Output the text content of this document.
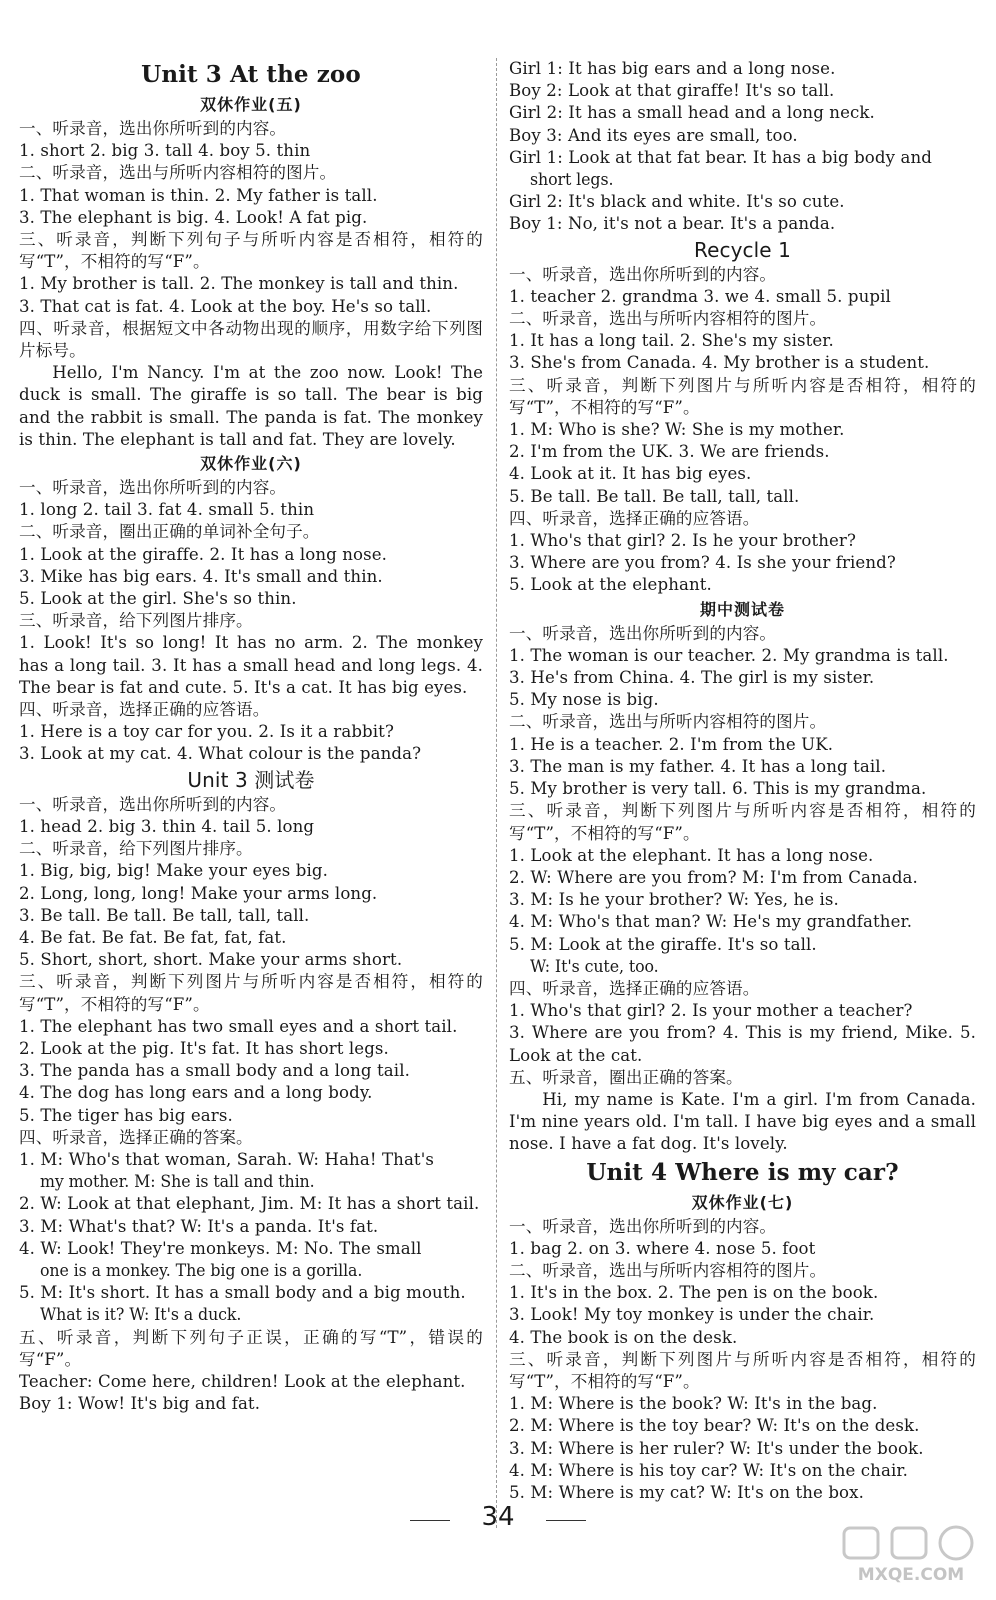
Unit 3 At the zoo
双休作业(五)
一、听录音，选出你所听到的内容。
1. short 2. big 3. tall 4. boy 5. thin
二、听录音，选出与所听内容相符的图片。
1. That woman is thin. 2. My father is tall.
3. The elephant is big. 4. Look! A fat pig.
三、听录音，判断下列句子与所听内容是否相符，相符的写“T”，不相符的写“F”。
1. My brother is tall. 2. The monkey is tall and thin.
3. That cat is fat. 4. Look at the boy. He's so tall.
四、听录音，根据短文中各动物出现的顺序，用数字给下列图片标号。
Hello, I'm Nancy. I'm at the zoo now. Look! The duck is small. The giraffe is so tall. The bear is big and the rabbit is small. The panda is fat. The monkey is thin. The elephant is tall and fat. They are lovely.
双休作业(六)
一、听录音，选出你所听到的内容。
1. long 2. tail 3. fat 4. small 5. thin
二、听录音，圈出正确的单词补全句子。
1. Look at the giraffe. 2. It has a long nose.
3. Mike has big ears. 4. It's small and thin.
5. Look at the girl. She's so thin.
三、听录音，给下列图片排序。
1. Look! It's so long! It has no arm. 2. The monkey has a long tail. 3. It has a small head and long legs. 4. The bear is fat and cute. 5. It's a cat. It has big eyes.
四、听录音，选择正确的应答语。
1. Here is a toy car for you. 2. Is it a rabbit?
3. Look at my cat. 4. What colour is the panda?
Unit 3 测试卷
一、听录音，选出你所听到的内容。
1. head 2. big 3. thin 4. tail 5. long
二、听录音，给下列图片排序。
1. Big, big, big! Make your eyes big.
2. Long, long, long! Make your arms long.
3. Be tall. Be tall. Be tall, tall, tall.
4. Be fat. Be fat. Be fat, fat, fat.
5. Short, short, short. Make your arms short.
三、听录音，判断下列图片与所听内容是否相符，相符的写“T”，不相符的写“F”。
1. The elephant has two small eyes and a short tail.
2. Look at the pig. It's fat. It has short legs.
3. The panda has a small body and a long tail.
4. The dog has long ears and a long body.
5. The tiger has big ears.
四、听录音，选择正确的答案。
1. M: Who's that woman, Sarah. W: Haha! That's
my mother. M: She is tall and thin.
2. W: Look at that elephant, Jim. M: It has a short tail.
3. M: What's that? W: It's a panda. It's fat.
4. W: Look! They're monkeys. M: No. The small
one is a monkey. The big one is a gorilla.
5. M: It's short. It has a small body and a big mouth.
What is it? W: It's a duck.
五、听录音，判断下列句子正误，正确的写“T”，错误的写“F”。
Teacher: Come here, children! Look at the elephant.
Boy 1: Wow! It's big and fat.
Girl 1: It has big ears and a long nose.
Boy 2: Look at that giraffe! It's so tall.
Girl 2: It has a small head and a long neck.
Boy 3: And its eyes are small, too.
Girl 1: Look at that fat bear. It has a big body and
short legs.
Girl 2: It's black and white. It's so cute.
Boy 1: No, it's not a bear. It's a panda.
Recycle 1
一、听录音，选出你所听到的内容。
1. teacher 2. grandma 3. we 4. small 5. pupil
二、听录音，选出与所听内容相符的图片。
1. It has a long tail. 2. She's my sister.
3. She's from Canada. 4. My brother is a student.
三、听录音，判断下列图片与所听内容是否相符，相符的写“T”，不相符的写“F”。
1. M: Who is she? W: She is my mother.
2. I'm from the UK. 3. We are friends.
4. Look at it. It has big eyes.
5. Be tall. Be tall. Be tall, tall, tall.
四、听录音，选择正确的应答语。
1. Who's that girl? 2. Is he your brother?
3. Where are you from? 4. Is she your friend?
5. Look at the elephant.
期中测试卷
一、听录音，选出你所听到的内容。
1. The woman is our teacher. 2. My grandma is tall.
3. He's from China. 4. The girl is my sister.
5. My nose is big.
二、听录音，选出与所听内容相符的图片。
1. He is a teacher. 2. I'm from the UK.
3. The man is my father. 4. It has a long tail.
5. My brother is very tall. 6. This is my grandma.
三、听录音，判断下列图片与所听内容是否相符，相符的写“T”，不相符的写“F”。
1. Look at the elephant. It has a long nose.
2. W: Where are you from? M: I'm from Canada.
3. M: Is he your brother? W: Yes, he is.
4. M: Who's that man? W: He's my grandfather.
5. M: Look at the giraffe. It's so tall.
W: It's cute, too.
四、听录音，选择正确的应答语。
1. Who's that girl? 2. Is your mother a teacher?
3. Where are you from? 4. This is my friend, Mike. 5. Look at the cat.
五、听录音，圈出正确的答案。
Hi, my name is Kate. I'm a girl. I'm from Canada. I'm nine years old. I'm tall. I have big eyes and a small nose. I have a fat dog. It's lovely.
Unit 4 Where is my car?
双休作业(七)
一、听录音，选出你所听到的内容。
1. bag 2. on 3. where 4. nose 5. foot
二、听录音，选出与所听内容相符的图片。
1. It's in the box. 2. The pen is on the book.
3. Look! My toy monkey is under the chair.
4. The book is on the desk.
三、听录音，判断下列图片与所听内容是否相符，相符的写“T”，不相符的写“F”。
1. M: Where is the book? W: It's in the bag.
2. M: Where is the toy bear? W: It's on the desk.
3. M: Where is her ruler? W: It's under the book.
4. M: Where is his toy car? W: It's on the chair.
5. M: Where is my cat? W: It's on the box.
34
MXQE.COM
